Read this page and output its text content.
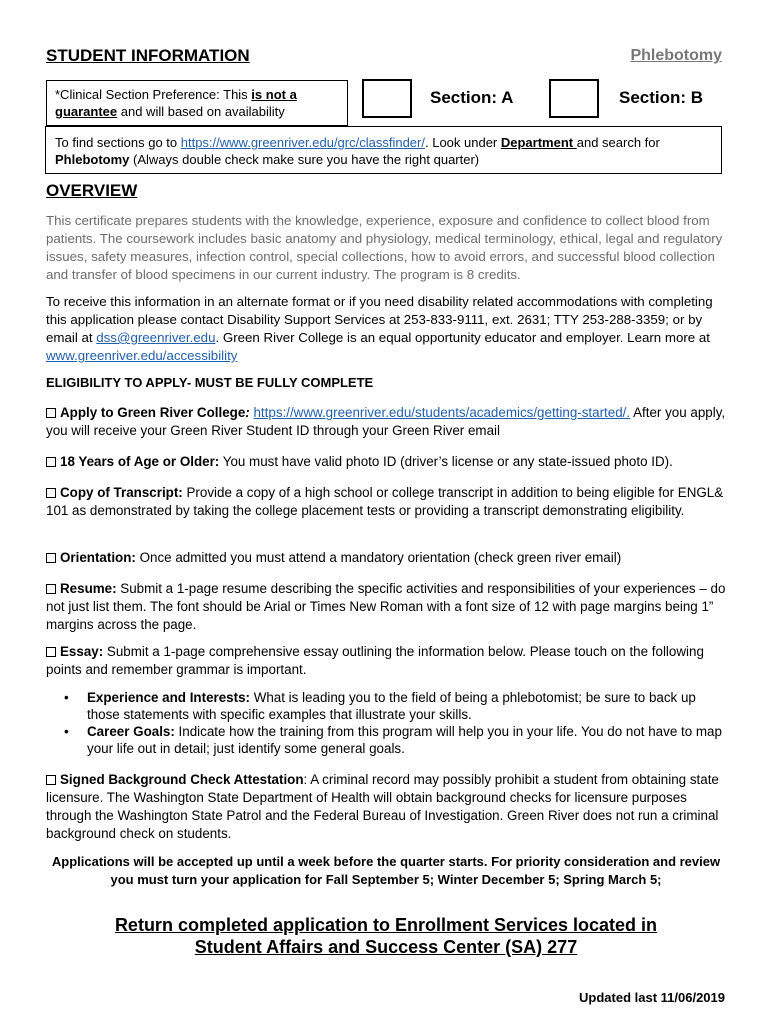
STUDENT INFORMATION	Phlebotomy
*Clinical Section Preference: This is not a guarantee and will based on availability
Section: A	Section: B
To find sections go to https://www.greenriver.edu/grc/classfinder/. Look under Department and search for Phlebotomy (Always double check make sure you have the right quarter)
OVERVIEW

This certificate prepares students with the knowledge, experience, exposure and confidence to collect blood from patients. The coursework includes basic anatomy and physiology, medical terminology, ethical, legal and regulatory issues, safety measures, infection control, special collections, how to avoid errors, and successful blood collection and transfer of blood specimens in our current industry. The program is 8 credits.

To receive this information in an alternate format or if you need disability related accommodations with completing this application please contact Disability Support Services at 253-833-9111, ext. 2631; TTY 253-288-3359; or by email at dss@greenriver.edu. Green River College is an equal opportunity educator and employer. Learn more at www.greenriver.edu/accessibility

ELIGIBILITY TO APPLY- MUST BE FULLY COMPLETE

Apply to Green River College: https://www.greenriver.edu/students/academics/getting-started/. After you apply, you will receive your Green River Student ID through your Green River email

18 Years of Age or Older: You must have valid photo ID (driver’s license or any state-issued photo ID).

Copy of Transcript: Provide a copy of a high school or college transcript in addition to being eligible for ENGL& 101 as demonstrated by taking the college placement tests or providing a transcript demonstrating eligibility.

Orientation: Once admitted you must attend a mandatory orientation (check green river email)

Resume: Submit a 1-page resume describing the specific activities and responsibilities of your experiences – do not just list them. The font should be Arial or Times New Roman with a font size of 12 with page margins being 1” margins across the page.

Essay: Submit a 1-page comprehensive essay outlining the information below. Please touch on the following points and remember grammar is important.

• Experience and Interests: What is leading you to the field of being a phlebotomist; be sure to back up those statements with specific examples that illustrate your skills.
• Career Goals: Indicate how the training from this program will help you in your life. You do not have to map your life out in detail; just identify some general goals.

Signed Background Check Attestation: A criminal record may possibly prohibit a student from obtaining state licensure. The Washington State Department of Health will obtain background checks for licensure purposes through the Washington State Patrol and the Federal Bureau of Investigation. Green River does not run a criminal background check on students.

Applications will be accepted up until a week before the quarter starts. For priority consideration and review you must turn your application for Fall September 5; Winter December 5; Spring March 5;

Return completed application to Enrollment Services located in
Student Affairs and Success Center (SA) 277
Updated last 11/06/2019
